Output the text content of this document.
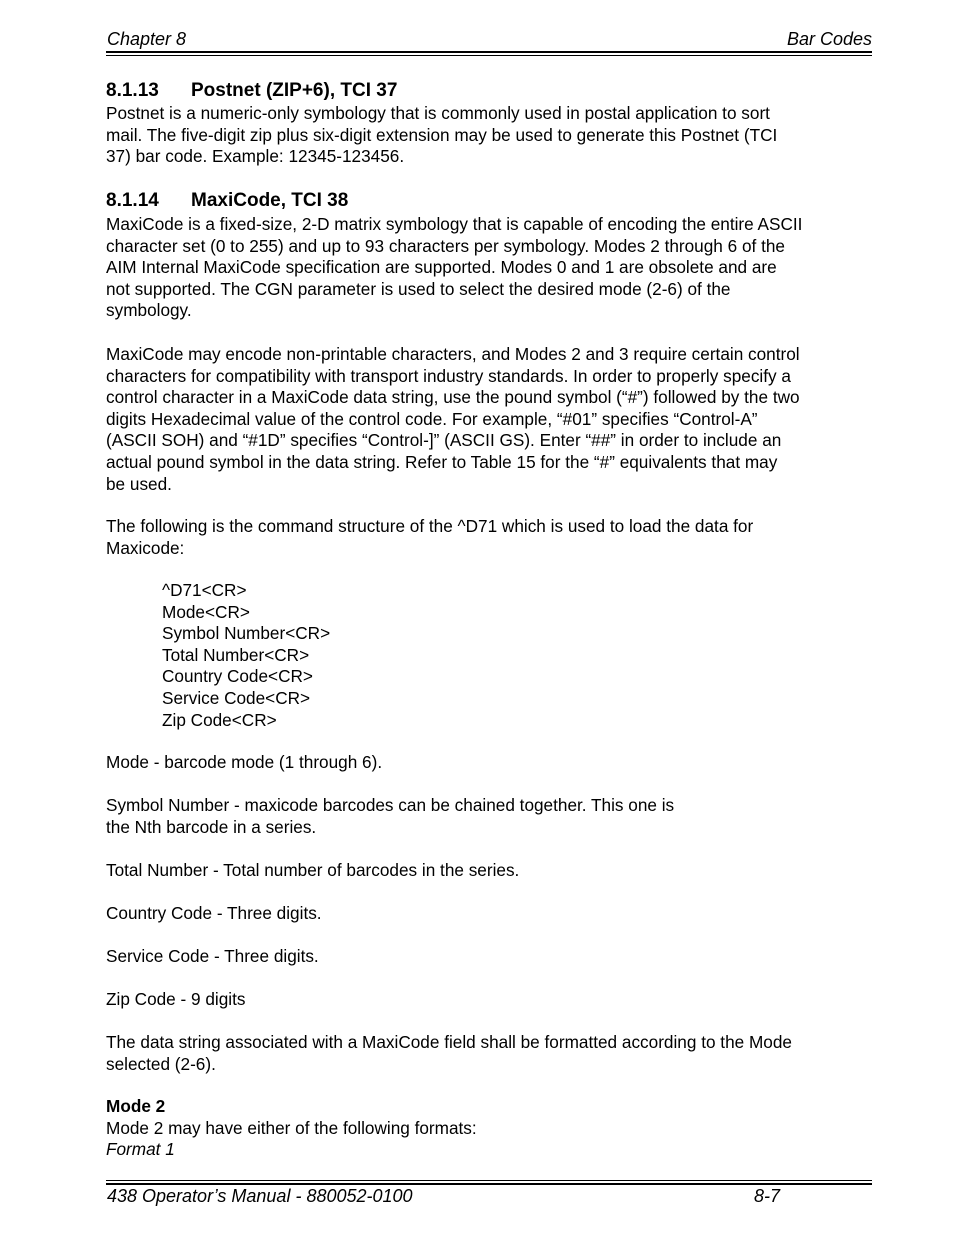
Chapter 8	Bar Codes
8.1.13 Postnet (ZIP+6), TCI 37
Postnet is a numeric-only symbology that is commonly used in postal application to sort
mail. The five-digit zip plus six-digit extension may be used to generate this Postnet (TCI
37) bar code. Example: 12345-123456.
8.1.14 MaxiCode, TCI 38
MaxiCode is a fixed-size, 2-D matrix symbology that is capable of encoding the entire ASCII
character set (0 to 255) and up to 93 characters per symbology. Modes 2 through 6 of the
AIM Internal MaxiCode specification are supported. Modes 0 and 1 are obsolete and are
not supported. The CGN parameter is used to select the desired mode (2-6) of the
symbology.
MaxiCode may encode non-printable characters, and Modes 2 and 3 require certain control
characters for compatibility with transport industry standards. In order to properly specify a
control character in a MaxiCode data string, use the pound symbol (“#”) followed by the two
digits Hexadecimal value of the control code. For example, “#01” specifies “Control-A”
(ASCII SOH) and “#1D” specifies “Control-]” (ASCII GS). Enter “##” in order to include an
actual pound symbol in the data string. Refer to Table 15 for the “#” equivalents that may
be used.
The following is the command structure of the ^D71 which is used to load the data for
Maxicode:
^D71<CR>
Mode<CR>
Symbol Number<CR>
Total Number<CR>
Country Code<CR>
Service Code<CR>
Zip Code<CR>
Mode - barcode mode (1 through 6).
Symbol Number - maxicode barcodes can be chained together. This one is
the Nth barcode in a series.
Total Number - Total number of barcodes in the series.
Country Code - Three digits.
Service Code - Three digits.
Zip Code - 9 digits
The data string associated with a MaxiCode field shall be formatted according to the Mode
selected (2-6).
Mode 2
Mode 2 may have either of the following formats:
Format 1
438 Operator’s Manual - 880052-0100	8-7
